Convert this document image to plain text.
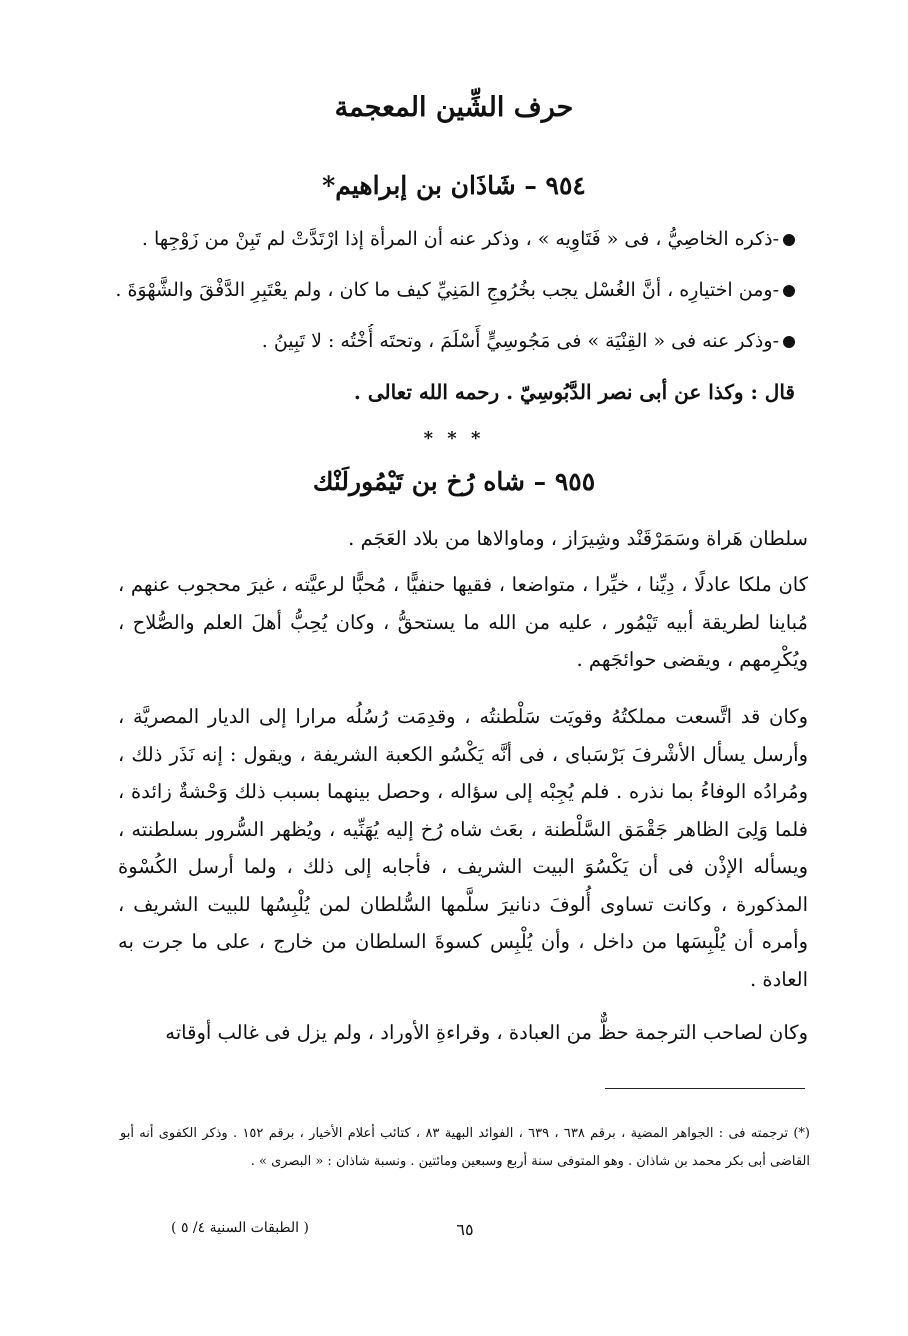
حرف الشِّين المعجمة
٩٥٤ – شَاذَان بن إبراهيم*
-ذكره الخاصِيُّ ، فى « فَتَاوِيه » ، وذكر عنه أن المرأة إذا ارْتَدَّتْ لم تَبِنْ من زَوْجِها .
-ومن اختيارِه ، أنَّ الغُسْل يجب بخُرُوجِ المَنِيِّ كيف ما كان ، ولم يعْتَبِرِ الدَّفْقَ والشَّهْوَةَ .
-وذكر عنه فى « القِنْيَة » فى مَجُوسِيٍّ أَسْلَمَ ، وتحتَه أُخْتُه : لا تَبِينُ .
قال : وكذا عن أبى نصر الدَّبُوسِيّ . رحمه الله تعالى .
* * *
٩٥٥ – شاه رُخ بن تَيْمُورلَنْك

سلطان هَراة وسَمَرْقَنْد وشِيرَاز ، وماوالاها من بلاد العَجَم .

كان ملكا عادلًا ، دِيِّنا ، خيِّرا ، متواضعا ، فقيها حنفيًّا ، مُحبًّا لرعيَّته ، غيرَ محجوب عنهم ، مُباينا لطريقة أبيه تَيْمُور ، عليه من الله ما يستحقُّ ، وكان يُحِبُّ أهلَ العلم والصُّلاح ، ويُكْرِمهم ، ويقضى حوائجَهم .

وكان قد اتَّسعت مملكتُهُ وقويَت سَلْطنتُه ، وقدِمَت رُسُلُه مرارا إلى الديار المصريَّة ، وأرسل يسأل الأشْرفَ بَرْسَباى ، فى أنَّه يَكْسُو الكعبة الشريفة ، ويقول : إنه نَذَر ذلك ، ومُرادُه الوفاءُ بما نذره . فلم يُجِبْه إلى سؤاله ، وحصل بينهما بسبب ذلك وَحْشةٌ زائدة ، فلما وَلِىَ الظاهر جَقْمَق السَّلْطنة ، بعَث شاه رُخ إليه يُهَنِّيه ، ويُظهر السُّرور بسلطنته ، ويسأله الإذْن فى أن يَكْسُوَ البيت الشريف ، فأجابه إلى ذلك ، ولما أرسل الكُسْوة المذكورة ، وكانت تساوى أُلوفَ دنانيرَ سلَّمها السُّلطان لمن يُلْبِسُها للبيت الشريف ، وأمره أن يُلْبِسَها من داخل ، وأن يُلْبِس كسوةَ السلطان من خارج ، على ما جرت به العادة .

وكان لصاحب الترجمة حظٌّ من العبادة ، وقراءةِ الأوراد ، ولم يزل فى غالب أوقاته

(*) ترجمته فى : الجواهر المضية ، برقم ٦٣٨ ، ٦٣٩ ، الفوائد البهية ٨٣ ، كتائب أعلام الأخيار ، برقم ١٥٢ . وذكر الكفوى أنه أبو القاضى أبى بكر محمد بن شاذان . وهو المتوفى سنة أربع وسبعين ومائتين . ونسبة شاذان : « البصرى » .
٦٥
( الطبقات السنية ٤/ ٥ )
